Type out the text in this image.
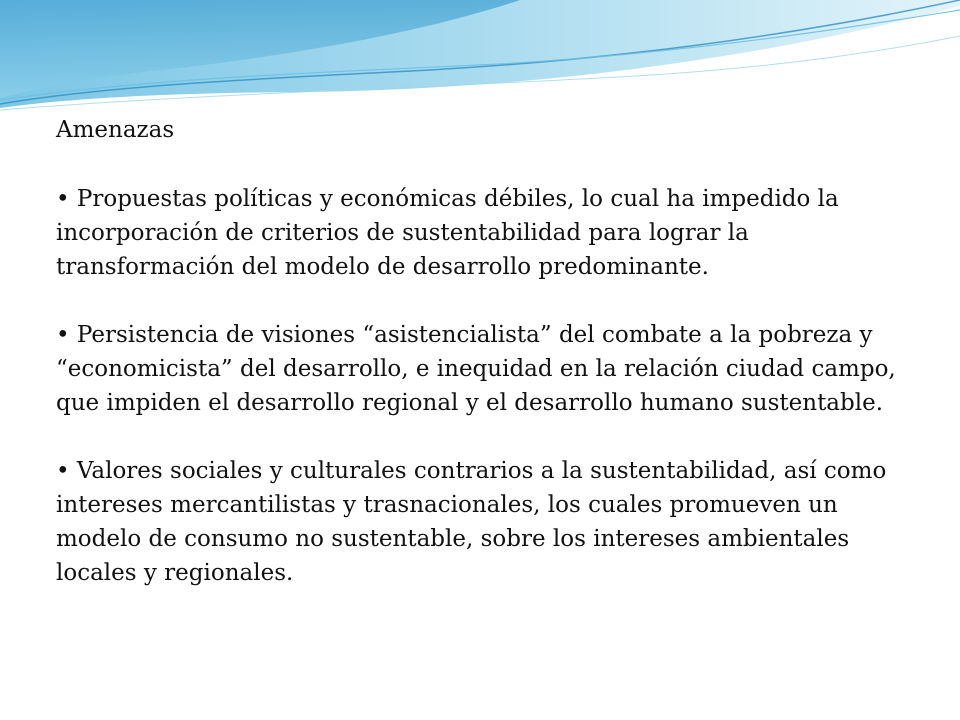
Amenazas
• Propuestas políticas y económicas débiles, lo cual ha impedido la incorporación de criterios de sustentabilidad para lograr la transformación del modelo de desarrollo predominante.
• Persistencia de visiones “asistencialista” del combate a la pobreza y “economicista” del desarrollo, e inequidad en la relación ciudad campo, que impiden el desarrollo regional y el desarrollo humano sustentable.
• Valores sociales y culturales contrarios a la sustentabilidad, así como intereses mercantilistas y trasnacionales, los cuales promueven un modelo de consumo no sustentable, sobre los intereses ambientales locales y regionales.
